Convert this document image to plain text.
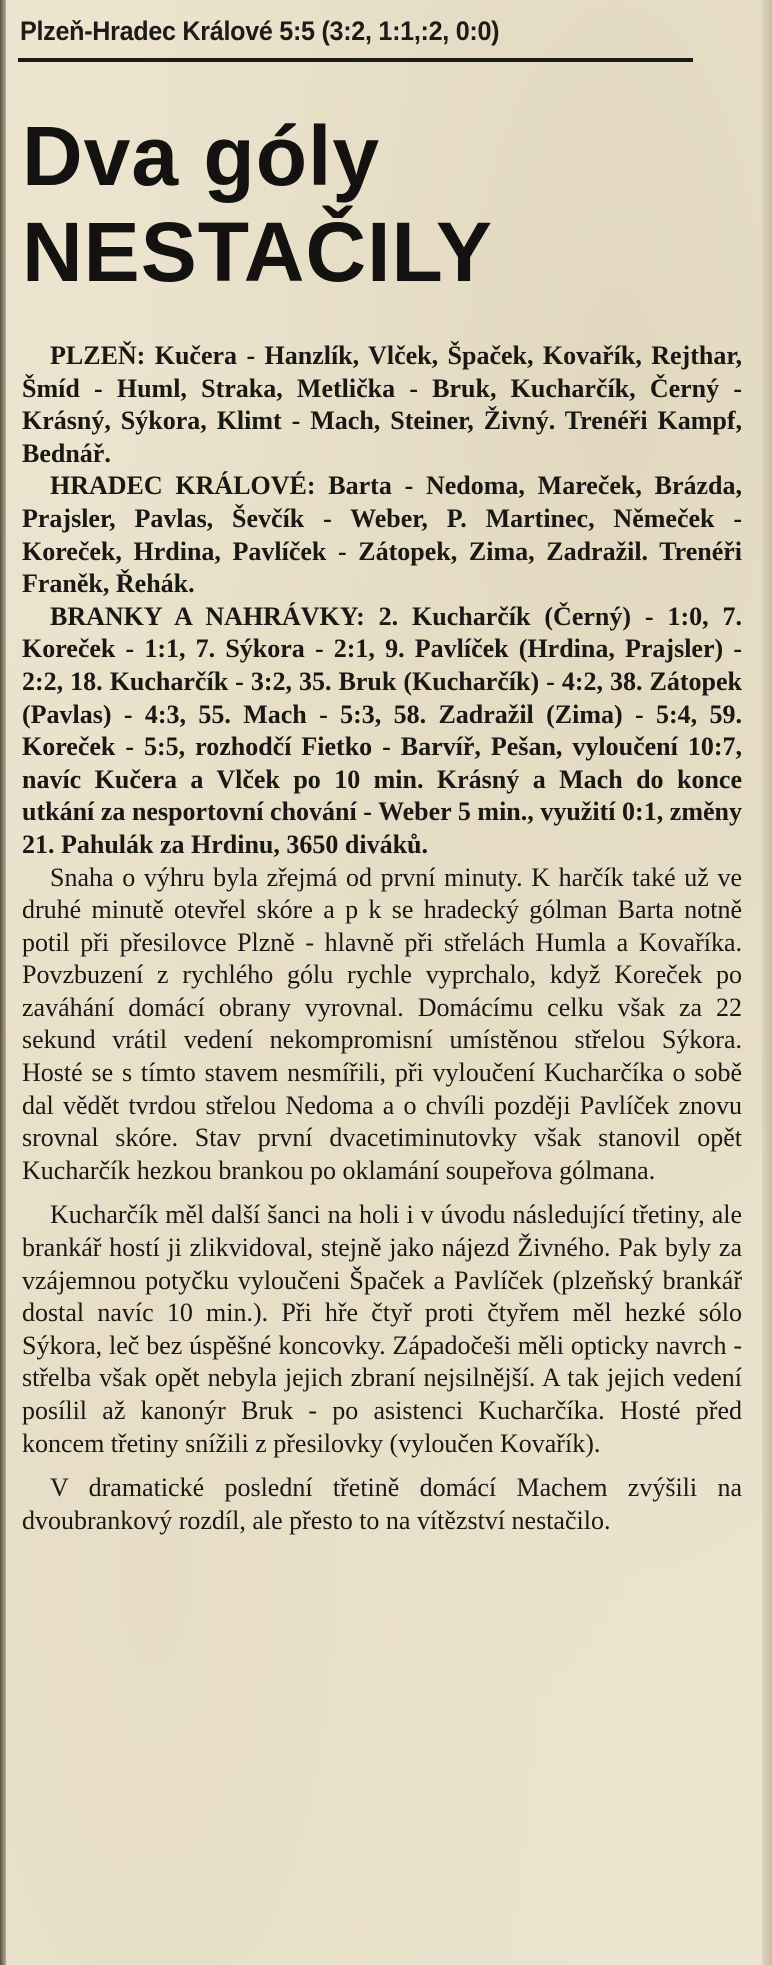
Plzeň-Hradec Králové 5:5 (3:2, 1:1,:2, 0:0)
Dva góly
NESTAČILY

PLZEŇ: Kučera - Hanzlík, Vlček, Špaček, Kovařík, Rejthar, Šmíd - Huml, Straka, Metlička - Bruk, Kucharčík, Černý - Krásný, Sýkora, Klimt - Mach, Steiner, Živný. Trenéři Kampf, Bednář.

HRADEC KRÁLOVÉ: Barta - Nedoma, Mareček, Brázda, Prajsler, Pavlas, Ševčík - Weber, P. Martinec, Němeček - Koreček, Hrdina, Pavlíček - Zátopek, Zima, Zadražil. Trenéři Franěk, Řehák.

BRANKY A NAHRÁVKY: 2. Kucharčík (Černý) - 1:0, 7. Koreček - 1:1, 7. Sýkora - 2:1, 9. Pavlíček (Hrdina, Prajsler) - 2:2, 18. Kucharčík - 3:2, 35. Bruk (Kucharčík) - 4:2, 38. Zátopek (Pavlas) - 4:3, 55. Mach - 5:3, 58. Zadražil (Zima) - 5:4, 59. Koreček - 5:5, rozhodčí Fietko - Barvíř, Pešan, vyloučení 10:7, navíc Kučera a Vlček po 10 min. Krásný a Mach do konce utkání za nesportovní chování - Weber 5 min., využití 0:1, změny 21. Pahulák za Hrdinu, 3650 diváků.

Snaha o výhru byla zřejmá od první minuty. K harčík také už ve druhé minutě otevřel skóre a p k se hradecký gólman Barta notně potil při přesilovce Plzně - hlavně při střelách Humla a Kovaříka. Povzbuzení z rychlého gólu rychle vyprchalo, když Koreček po zaváhání domácí obrany vyrovnal. Domácímu celku však za 22 sekund vrátil vedení nekompromisní umístěnou střelou Sýkora. Hosté se s tímto stavem nesmířili, při vyloučení Kucharčíka o sobě dal vědět tvrdou střelou Nedoma a o chvíli později Pavlíček znovu srovnal skóre. Stav první dvacetiminutovky však stanovil opět Kucharčík hezkou brankou po oklamání soupeřova gólmana.

Kucharčík měl další šanci na holi i v úvodu následující třetiny, ale brankář hostí ji zlikvidoval, stejně jako nájezd Živného. Pak byly za vzájemnou potyčku vyloučeni Špaček a Pavlíček (plzeňský brankář dostal navíc 10 min.). Při hře čtyř proti čtyřem měl hezké sólo Sýkora, leč bez úspěšné koncovky. Západočeši měli opticky navrch - střelba však opět nebyla jejich zbraní nejsilnější. A tak jejich vedení posílil až kanonýr Bruk - po asistenci Kucharčíka. Hosté před koncem třetiny snížili z přesilovky (vyloučen Kovařík).

V dramatické poslední třetině domácí Machem zvýšili na dvoubrankový rozdíl, ale přesto to na vítězství nestačilo.
